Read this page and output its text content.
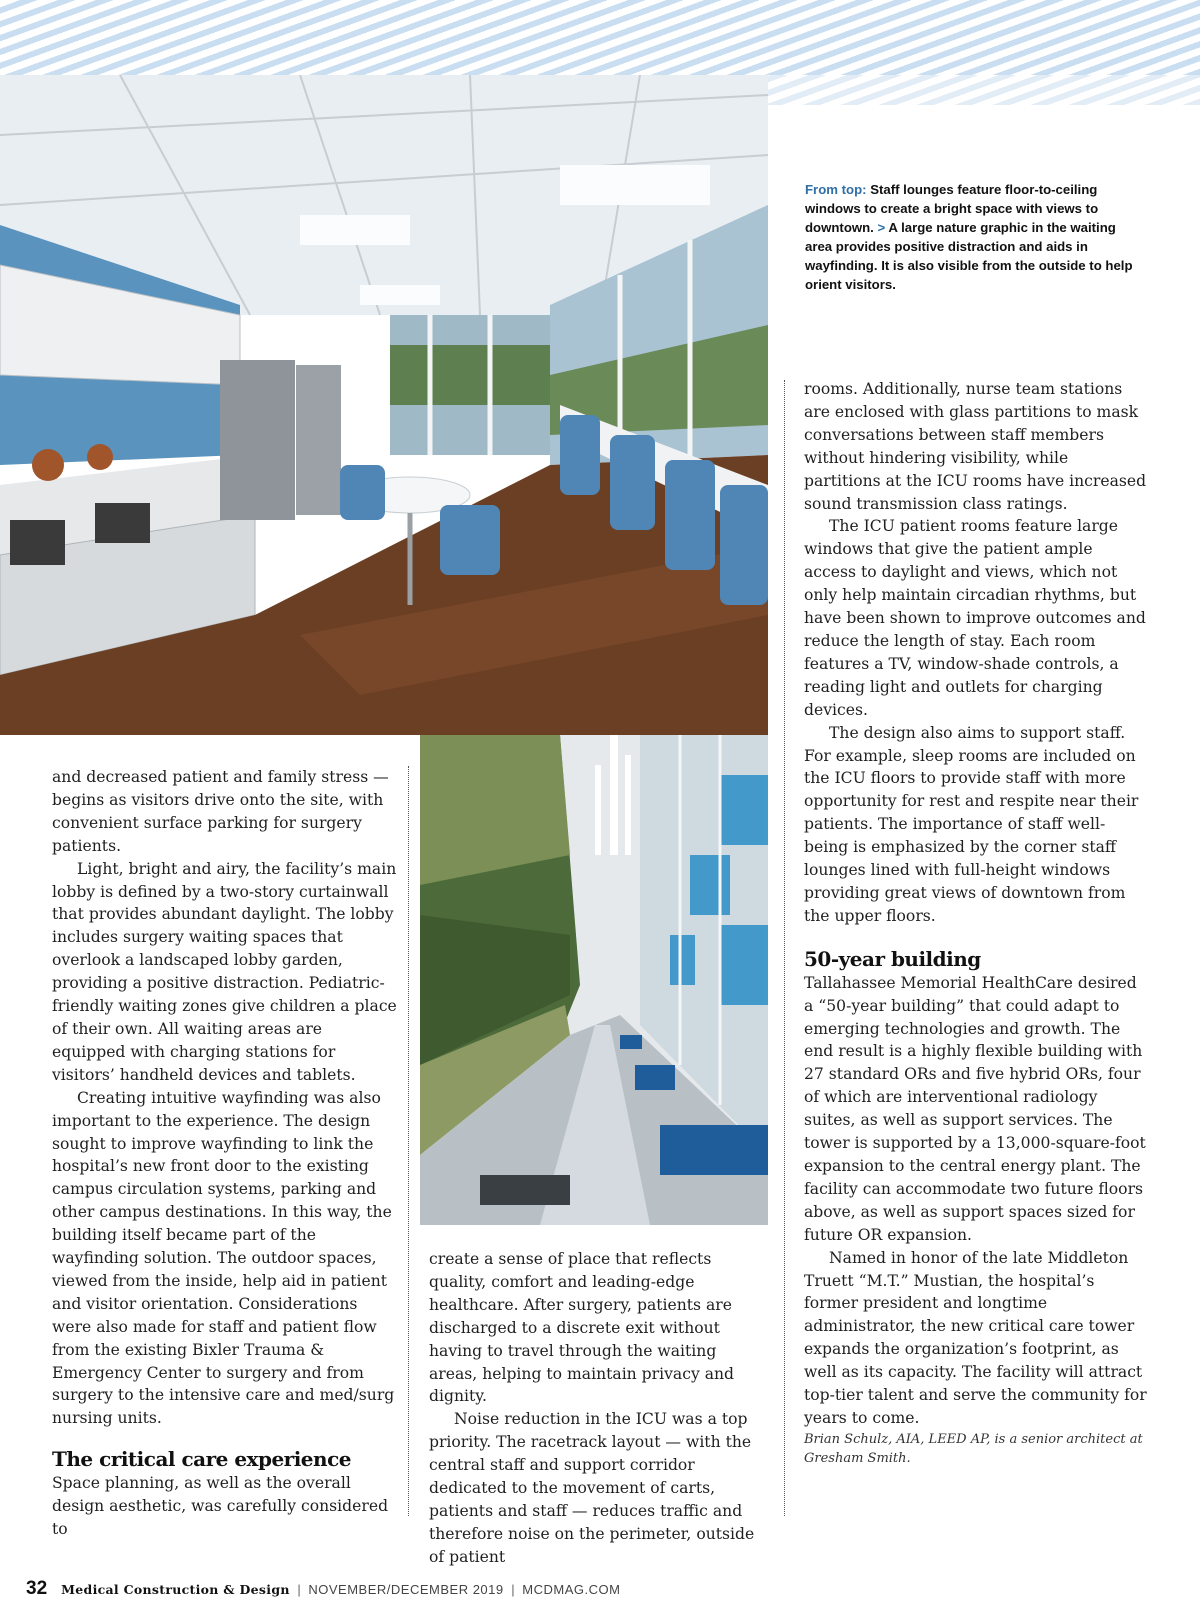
From top: Staff lounges feature floor-to-ceiling windows to create a bright space with views to downtown. > A large nature graphic in the waiting area provides positive distraction and aids in wayfinding. It is also visible from the outside to help orient visitors.

and decreased patient and family stress — begins as visitors drive onto the site, with convenient surface parking for surgery patients.

Light, bright and airy, the facility’s main lobby is defined by a two-story curtainwall that provides abundant daylight. The lobby includes surgery waiting spaces that overlook a landscaped lobby garden, providing a positive distraction. Pediatric-friendly waiting zones give children a place of their own. All waiting areas are equipped with charging stations for visitors’ handheld devices and tablets.

Creating intuitive wayfinding was also important to the experience. The design sought to improve wayfinding to link the hospital’s new front door to the existing campus circulation systems, parking and other campus destinations. In this way, the building itself became part of the wayfinding solution. The outdoor spaces, viewed from the inside, help aid in patient and visitor orientation. Considerations were also made for staff and patient flow from the existing Bixler Trauma & Emergency Center to surgery and from surgery to the intensive care and med/surg nursing units.

The critical care experience

Space planning, as well as the overall design aesthetic, was carefully considered to

create a sense of place that reflects quality, comfort and leading-edge healthcare. After surgery, patients are discharged to a discrete exit without having to travel through the waiting areas, helping to maintain privacy and dignity.

Noise reduction in the ICU was a top priority. The racetrack layout — with the central staff and support corridor dedicated to the movement of carts, patients and staff — reduces traffic and therefore noise on the perimeter, outside of patient

rooms. Additionally, nurse team stations are enclosed with glass partitions to mask conversations between staff members without hindering visibility, while partitions at the ICU rooms have increased sound transmission class ratings.

The ICU patient rooms feature large windows that give the patient ample access to daylight and views, which not only help maintain circadian rhythms, but have been shown to improve outcomes and reduce the length of stay. Each room features a TV, window-shade controls, a reading light and outlets for charging devices.

The design also aims to support staff. For example, sleep rooms are included on the ICU floors to provide staff with more opportunity for rest and respite near their patients. The importance of staff well-being is emphasized by the corner staff lounges lined with full-height windows providing great views of downtown from the upper floors.

50-year building

Tallahassee Memorial HealthCare desired a “50-year building” that could adapt to emerging technologies and growth. The end result is a highly flexible building with 27 standard ORs and five hybrid ORs, four of which are interventional radiology suites, as well as support services. The tower is supported by a 13,000-square-foot expansion to the central energy plant. The facility can accommodate two future floors above, as well as support spaces sized for future OR expansion.

Named in honor of the late Middleton Truett “M.T.” Mustian, the hospital’s former president and longtime administrator, the new critical care tower expands the organization’s footprint, as well as its capacity. The facility will attract top-tier talent and serve the community for years to come.

Brian Schulz, AIA, LEED AP, is a senior architect at Gresham Smith.

32 Medical Construction & Design | NOVEMBER/DECEMBER 2019 | MCDMAG.COM
